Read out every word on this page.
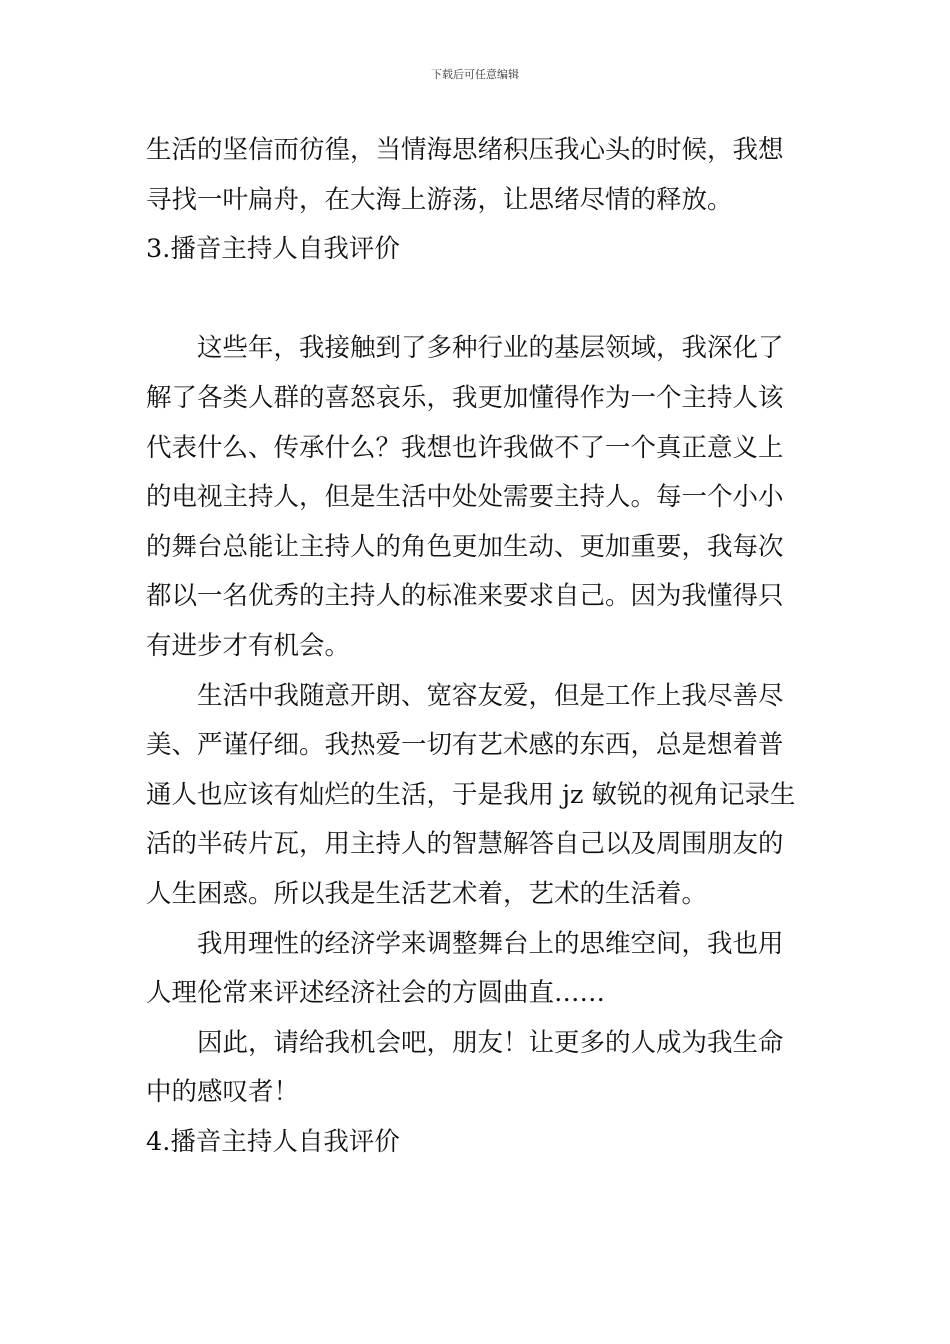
下载后可任意编辑
生活的坚信而彷徨，当情海思绪积压我心头的时候，我想
寻找一叶扁舟，在大海上游荡，让思绪尽情的释放。
3.播音主持人自我评价
这些年，我接触到了多种行业的基层领域，我深化了
解了各类人群的喜怒哀乐，我更加懂得作为一个主持人该
代表什么、传承什么？我想也许我做不了一个真正意义上
的电视主持人，但是生活中处处需要主持人。每一个小小
的舞台总能让主持人的角色更加生动、更加重要，我每次
都以一名优秀的主持人的标准来要求自己。因为我懂得只
有进步才有机会。
生活中我随意开朗、宽容友爱，但是工作上我尽善尽
美、严谨仔细。我热爱一切有艺术感的东西，总是想着普
通人也应该有灿烂的生活，于是我用 jz 敏锐的视角记录生
活的半砖片瓦，用主持人的智慧解答自己以及周围朋友的
人生困惑。所以我是生活艺术着，艺术的生活着。
我用理性的经济学来调整舞台上的思维空间，我也用
人理伦常来评述经济社会的方圆曲直……
因此，请给我机会吧，朋友！让更多的人成为我生命
中的感叹者！
4.播音主持人自我评价
